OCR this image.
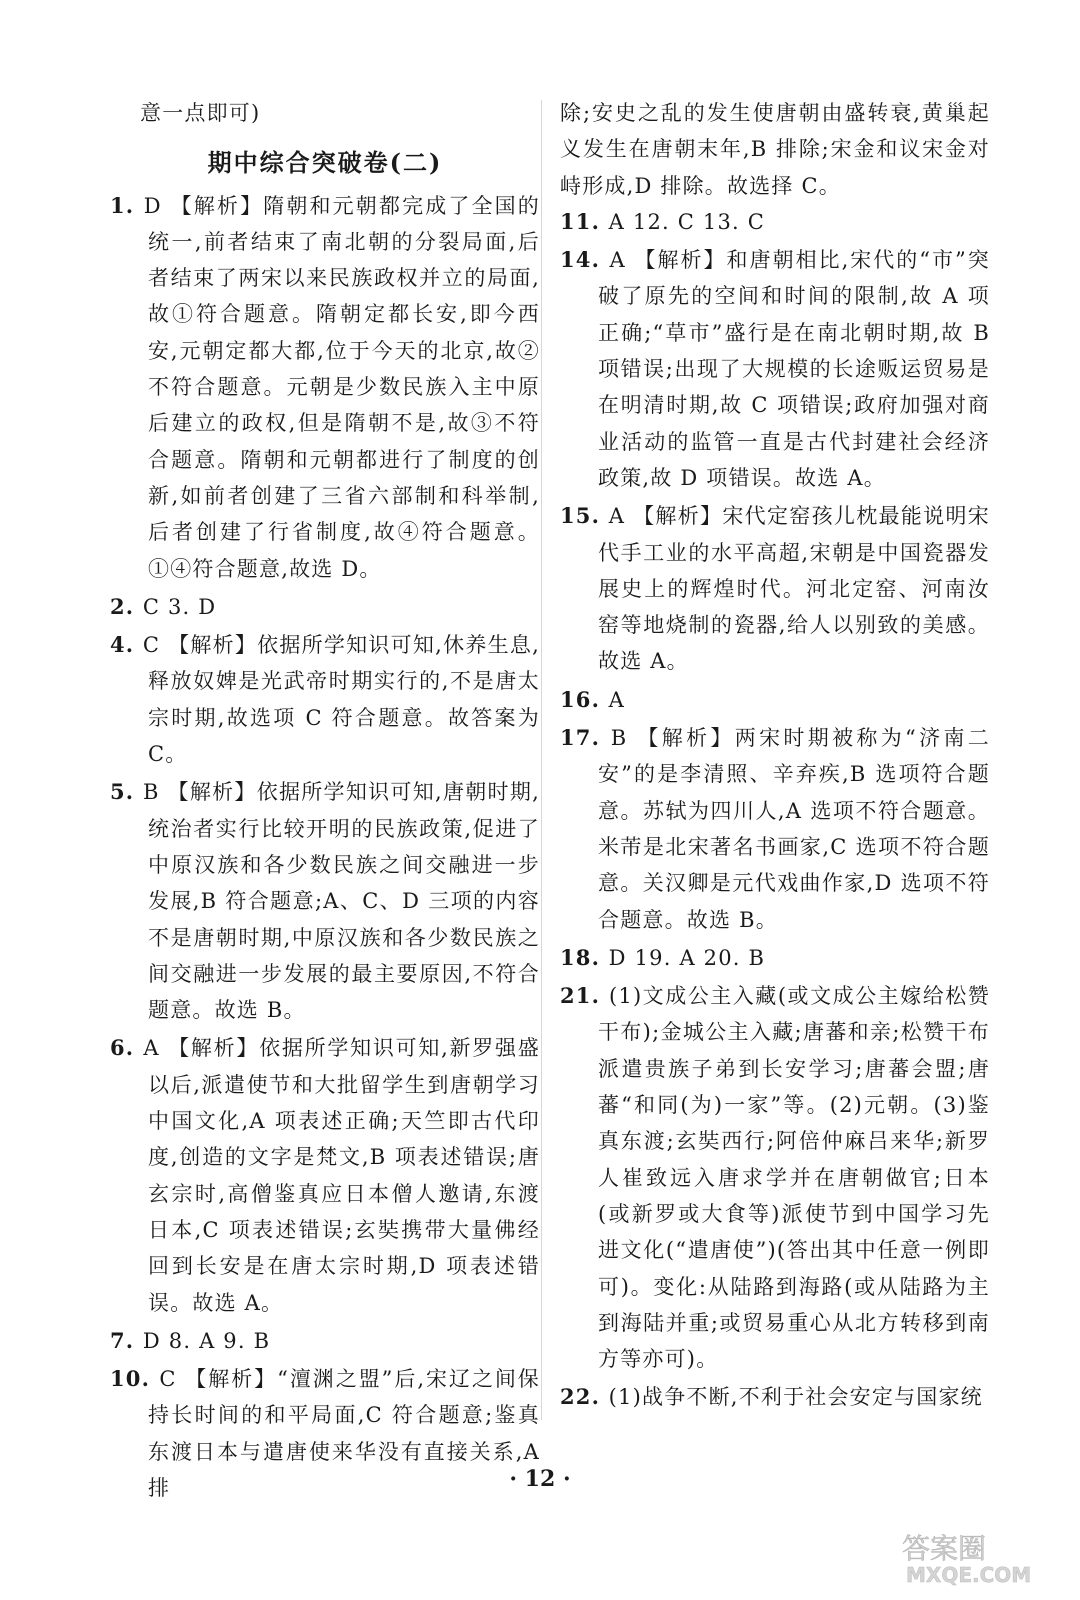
意一点即可)

期中综合突破卷(二)

1. D 【解析】隋朝和元朝都完成了全国的统一,前者结束了南北朝的分裂局面,后者结束了两宋以来民族政权并立的局面,故①符合题意。隋朝定都长安,即今西安,元朝定都大都,位于今天的北京,故②不符合题意。元朝是少数民族入主中原后建立的政权,但是隋朝不是,故③不符合题意。隋朝和元朝都进行了制度的创新,如前者创建了三省六部制和科举制,后者创建了行省制度,故④符合题意。①④符合题意,故选 D。

2. C 3. D

4. C 【解析】依据所学知识可知,休养生息,释放奴婢是光武帝时期实行的,不是唐太宗时期,故选项 C 符合题意。故答案为 C。

5. B 【解析】依据所学知识可知,唐朝时期,统治者实行比较开明的民族政策,促进了中原汉族和各少数民族之间交融进一步发展,B 符合题意;A、C、D 三项的内容不是唐朝时期,中原汉族和各少数民族之间交融进一步发展的最主要原因,不符合题意。故选 B。

6. A 【解析】依据所学知识可知,新罗强盛以后,派遣使节和大批留学生到唐朝学习中国文化,A 项表述正确;天竺即古代印度,创造的文字是梵文,B 项表述错误;唐玄宗时,高僧鉴真应日本僧人邀请,东渡日本,C 项表述错误;玄奘携带大量佛经回到长安是在唐太宗时期,D 项表述错误。故选 A。

7. D 8. A 9. B

10. C 【解析】“澶渊之盟”后,宋辽之间保持长时间的和平局面,C 符合题意;鉴真东渡日本与遣唐使来华没有直接关系,A 排

除;安史之乱的发生使唐朝由盛转衰,黄巢起义发生在唐朝末年,B 排除;宋金和议宋金对峙形成,D 排除。故选择 C。

11. A 12. C 13. C

14. A 【解析】和唐朝相比,宋代的“市”突破了原先的空间和时间的限制,故 A 项正确;“草市”盛行是在南北朝时期,故 B 项错误;出现了大规模的长途贩运贸易是在明清时期,故 C 项错误;政府加强对商业活动的监管一直是古代封建社会经济政策,故 D 项错误。故选 A。

15. A 【解析】宋代定窑孩儿枕最能说明宋代手工业的水平高超,宋朝是中国瓷器发展史上的辉煌时代。河北定窑、河南汝窑等地烧制的瓷器,给人以别致的美感。故选 A。

16. A

17. B 【解析】两宋时期被称为“济南二安”的是李清照、辛弃疾,B 选项符合题意。苏轼为四川人,A 选项不符合题意。米芾是北宋著名书画家,C 选项不符合题意。关汉卿是元代戏曲作家,D 选项不符合题意。故选 B。

18. D 19. A 20. B

21. (1)文成公主入藏(或文成公主嫁给松赞干布);金城公主入藏;唐蕃和亲;松赞干布派遣贵族子弟到长安学习;唐蕃会盟;唐蕃“和同(为)一家”等。(2)元朝。(3)鉴真东渡;玄奘西行;阿倍仲麻吕来华;新罗人崔致远入唐求学并在唐朝做官;日本(或新罗或大食等)派使节到中国学习先进文化(“遣唐使”)(答出其中任意一例即可)。变化:从陆路到海路(或从陆路为主到海陆并重;或贸易重心从北方转移到南方等亦可)。

22. (1)战争不断,不利于社会安定与国家统

· 12 ·
答案圈
MXQE.COM
